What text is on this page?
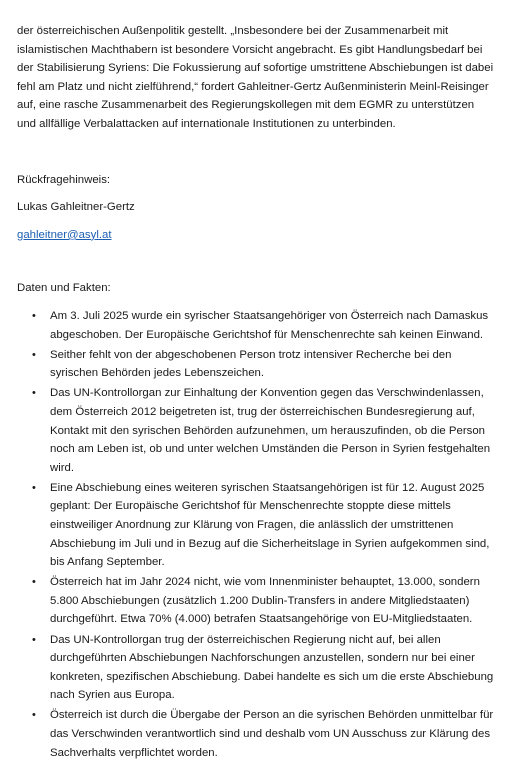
der österreichischen Außenpolitik gestellt. „Insbesondere bei der Zusammenarbeit mit islamistischen Machthabern ist besondere Vorsicht angebracht. Es gibt Handlungsbedarf bei der Stabilisierung Syriens: Die Fokussierung auf sofortige umstrittene Abschiebungen ist dabei fehl am Platz und nicht zielführend,“ fordert Gahleitner-Gertz Außenministerin Meinl-Reisinger auf, eine rasche Zusammenarbeit des Regierungskollegen mit dem EGMR zu unterstützen und allfällige Verbalattacken auf internationale Institutionen zu unterbinden.

Rückfragehinweis:

Lukas Gahleitner-Gertz

gahleitner@asyl.at

Daten und Fakten:

• Am 3. Juli 2025 wurde ein syrischer Staatsangehöriger von Österreich nach Damaskus abgeschoben. Der Europäische Gerichtshof für Menschenrechte sah keinen Einwand.
• Seither fehlt von der abgeschobenen Person trotz intensiver Recherche bei den syrischen Behörden jedes Lebenszeichen.
• Das UN-Kontrollorgan zur Einhaltung der Konvention gegen das Verschwindenlassen, dem Österreich 2012 beigetreten ist, trug der österreichischen Bundesregierung auf, Kontakt mit den syrischen Behörden aufzunehmen, um herauszufinden, ob die Person noch am Leben ist, ob und unter welchen Umständen die Person in Syrien festgehalten wird.
• Eine Abschiebung eines weiteren syrischen Staatsangehörigen ist für 12. August 2025 geplant: Der Europäische Gerichtshof für Menschenrechte stoppte diese mittels einstweiliger Anordnung zur Klärung von Fragen, die anlässlich der umstrittenen Abschiebung im Juli und in Bezug auf die Sicherheitslage in Syrien aufgekommen sind, bis Anfang September.
• Österreich hat im Jahr 2024 nicht, wie vom Innenminister behauptet, 13.000, sondern 5.800 Abschiebungen (zusätzlich 1.200 Dublin-Transfers in andere Mitgliedstaaten) durchgeführt. Etwa 70% (4.000) betrafen Staatsangehörige von EU-Mitgliedstaaten.
• Das UN-Kontrollorgan trug der österreichischen Regierung nicht auf, bei allen durchgeführten Abschiebungen Nachforschungen anzustellen, sondern nur bei einer konkreten, spezifischen Abschiebung. Dabei handelte es sich um die erste Abschiebung nach Syrien aus Europa.
• Österreich ist durch die Übergabe der Person an die syrischen Behörden unmittelbar für das Verschwinden verantwortlich sind und deshalb vom UN Ausschuss zur Klärung des Sachverhalts verpflichtet worden.
